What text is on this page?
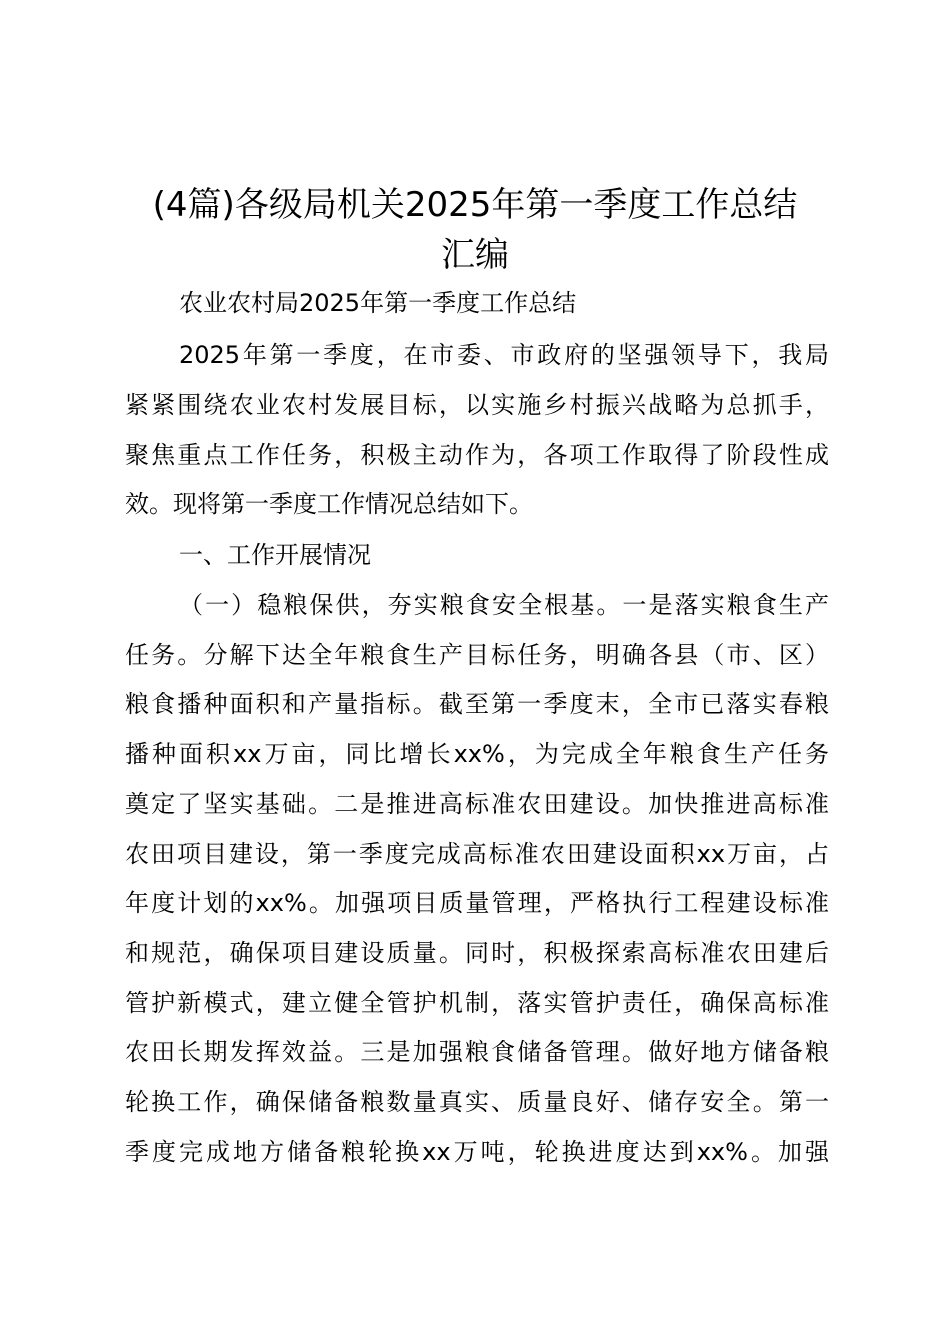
(4篇)各级局机关2025年第一季度工作总结
汇编

农业农村局2025年第一季度工作总结

2025年第一季度，在市委、市政府的坚强领导下，我局

紧紧围绕农业农村发展目标，以实施乡村振兴战略为总抓手，

聚焦重点工作任务，积极主动作为，各项工作取得了阶段性成

效。现将第一季度工作情况总结如下。

一、工作开展情况

（一）稳粮保供，夯实粮食安全根基。一是落实粮食生产

任务。分解下达全年粮食生产目标任务，明确各县（市、区）

粮食播种面积和产量指标。截至第一季度末，全市已落实春粮

播种面积xx万亩，同比增长xx%，为完成全年粮食生产任务

奠定了坚实基础。二是推进高标准农田建设。加快推进高标准

农田项目建设，第一季度完成高标准农田建设面积xx万亩，占

年度计划的xx%。加强项目质量管理，严格执行工程建设标准

和规范，确保项目建设质量。同时，积极探索高标准农田建后

管护新模式，建立健全管护机制，落实管护责任，确保高标准

农田长期发挥效益。三是加强粮食储备管理。做好地方储备粮

轮换工作，确保储备粮数量真实、质量良好、储存安全。第一

季度完成地方储备粮轮换xx万吨，轮换进度达到xx%。加强
